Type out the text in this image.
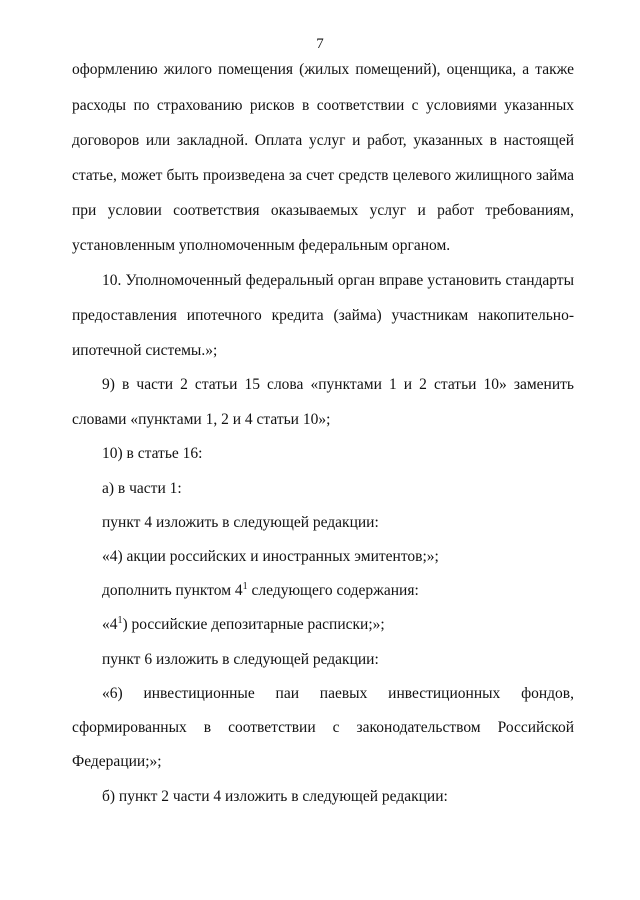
7
оформлению жилого помещения (жилых помещений), оценщика, а также
расходы по страхованию рисков в соответствии с условиями указанных
договоров или закладной. Оплата услуг и работ, указанных в настоящей
статье, может быть произведена за счет средств целевого жилищного займа
при условии соответствия оказываемых услуг и работ требованиям,
установленным уполномоченным федеральным органом.
10. Уполномоченный федеральный орган вправе установить стандарты
предоставления ипотечного кредита (займа) участникам накопительно-
ипотечной системы.»;
9) в части 2 статьи 15 слова «пунктами 1 и 2 статьи 10» заменить
словами «пунктами 1, 2 и 4 статьи 10»;
10) в статье 16:
а) в части 1:
пункт 4 изложить в следующей редакции:
«4) акции российских и иностранных эмитентов;»;
дополнить пунктом $4^1$ следующего содержания:
«$4^1$) российские депозитарные расписки;»;
пункт 6 изложить в следующей редакции:
«6) инвестиционные паи паевых инвестиционных фондов,
сформированных в соответствии с законодательством Российской
Федерации;»;
б) пункт 2 части 4 изложить в следующей редакции:
